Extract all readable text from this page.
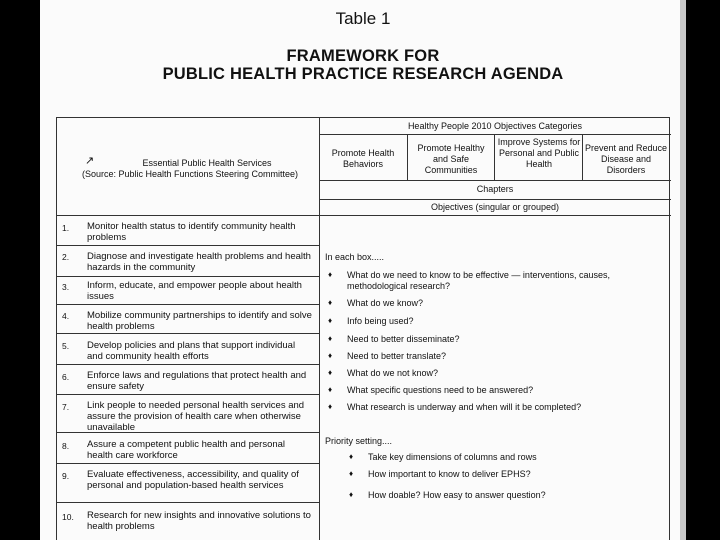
Table 1
FRAMEWORK FOR
PUBLIC HEALTH PRACTICE RESEARCH AGENDA
Healthy People 2010 Objectives Categories
Promote Health Behaviors
Promote Healthy and Safe Communities
Improve Systems for Personal and Public Health
Prevent and Reduce Disease and Disorders
Chapters
Objectives (singular or grouped)
↗	Essential Public Health Services
(Source: Public Health Functions Steering Committee)
1. Monitor health status to identify community health problems
2. Diagnose and investigate health problems and health hazards in the community
3. Inform, educate, and empower people about health issues
4. Mobilize community partnerships to identify and solve health problems
5. Develop policies and plans that support individual and community health efforts
6. Enforce laws and regulations that protect health and ensure safety
7. Link people to needed personal health services and assure the provision of health care when otherwise unavailable
8. Assure a competent public health and personal health care workforce
9. Evaluate effectiveness, accessibility, and quality of personal and population-based health services
10. Research for new insights and innovative solutions to health problems
In each box.....
♦ What do we need to know to be effective — interventions, causes, methodological research?
♦ What do we know?
♦ Info being used?
♦ Need to better disseminate?
♦ Need to better translate?
♦ What do we not know?
♦ What specific questions need to be answered?
♦ What research is underway and when will it be completed?
Priority setting....
♦ Take key dimensions of columns and rows
♦ How important to know to deliver EPHS?
♦ How doable? How easy to answer question?
